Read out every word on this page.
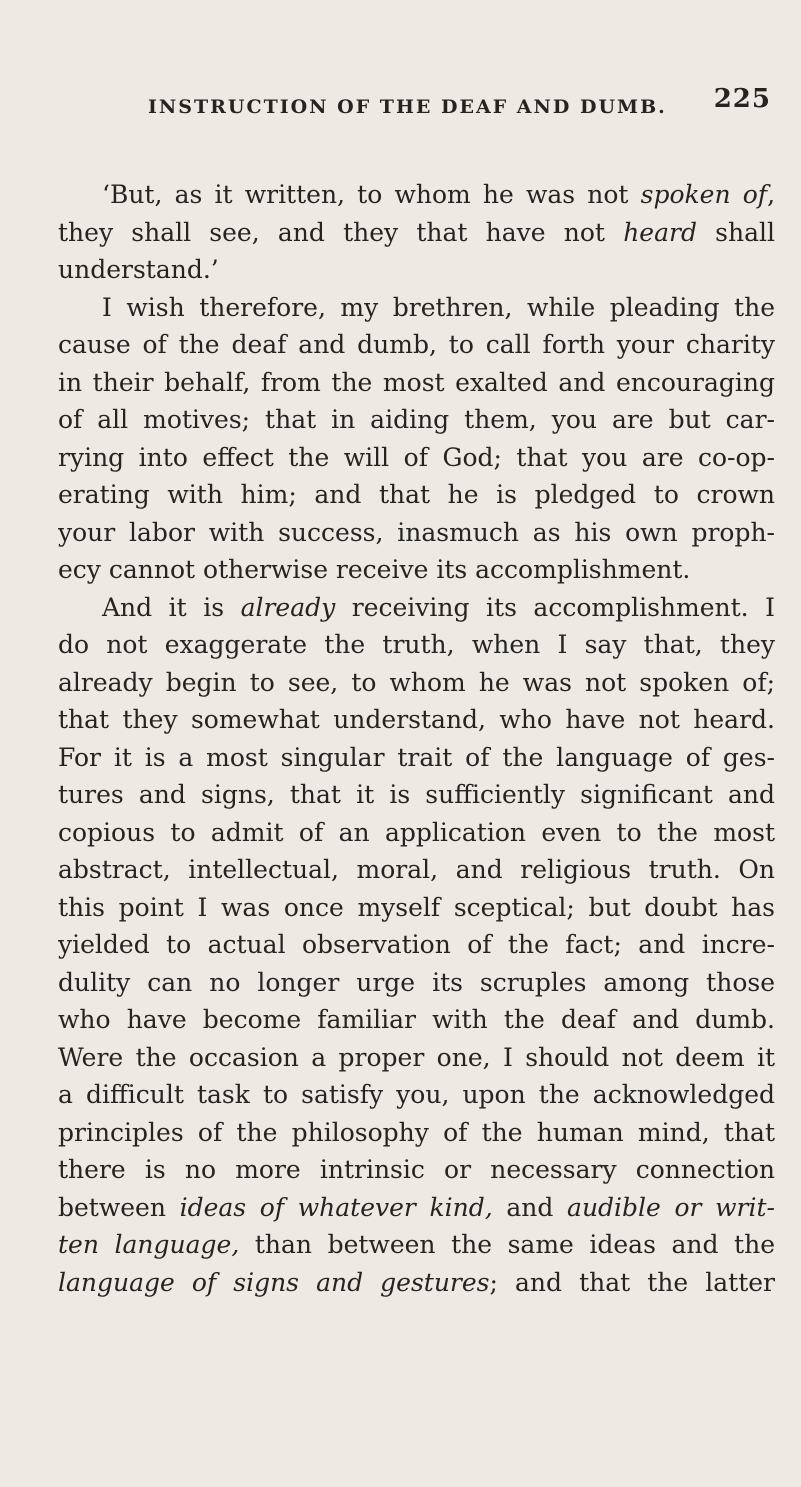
INSTRUCTION OF THE DEAF AND DUMB. 225
‘But, as it written, to whom he was not spoken of,
they shall see, and they that have not heard shall
understand.’
I wish therefore, my brethren, while pleading the
cause of the deaf and dumb, to call forth your charity
in their behalf, from the most exalted and encouraging
of all motives; that in aiding them, you are but car-
rying into effect the will of God; that you are co-op-
erating with him; and that he is pledged to crown
your labor with success, inasmuch as his own proph-
ecy cannot otherwise receive its accomplishment.
And it is already receiving its accomplishment. I
do not exaggerate the truth, when I say that, they
already begin to see, to whom he was not spoken of;
that they somewhat understand, who have not heard.
For it is a most singular trait of the language of ges-
tures and signs, that it is sufficiently significant and
copious to admit of an application even to the most
abstract, intellectual, moral, and religious truth. On
this point I was once myself sceptical; but doubt has
yielded to actual observation of the fact; and incre-
dulity can no longer urge its scruples among those
who have become familiar with the deaf and dumb.
Were the occasion a proper one, I should not deem it
a difficult task to satisfy you, upon the acknowledged
principles of the philosophy of the human mind, that
there is no more intrinsic or necessary connection
between ideas of whatever kind, and audible or writ-
ten language, than between the same ideas and the
language of signs and gestures; and that the latter
